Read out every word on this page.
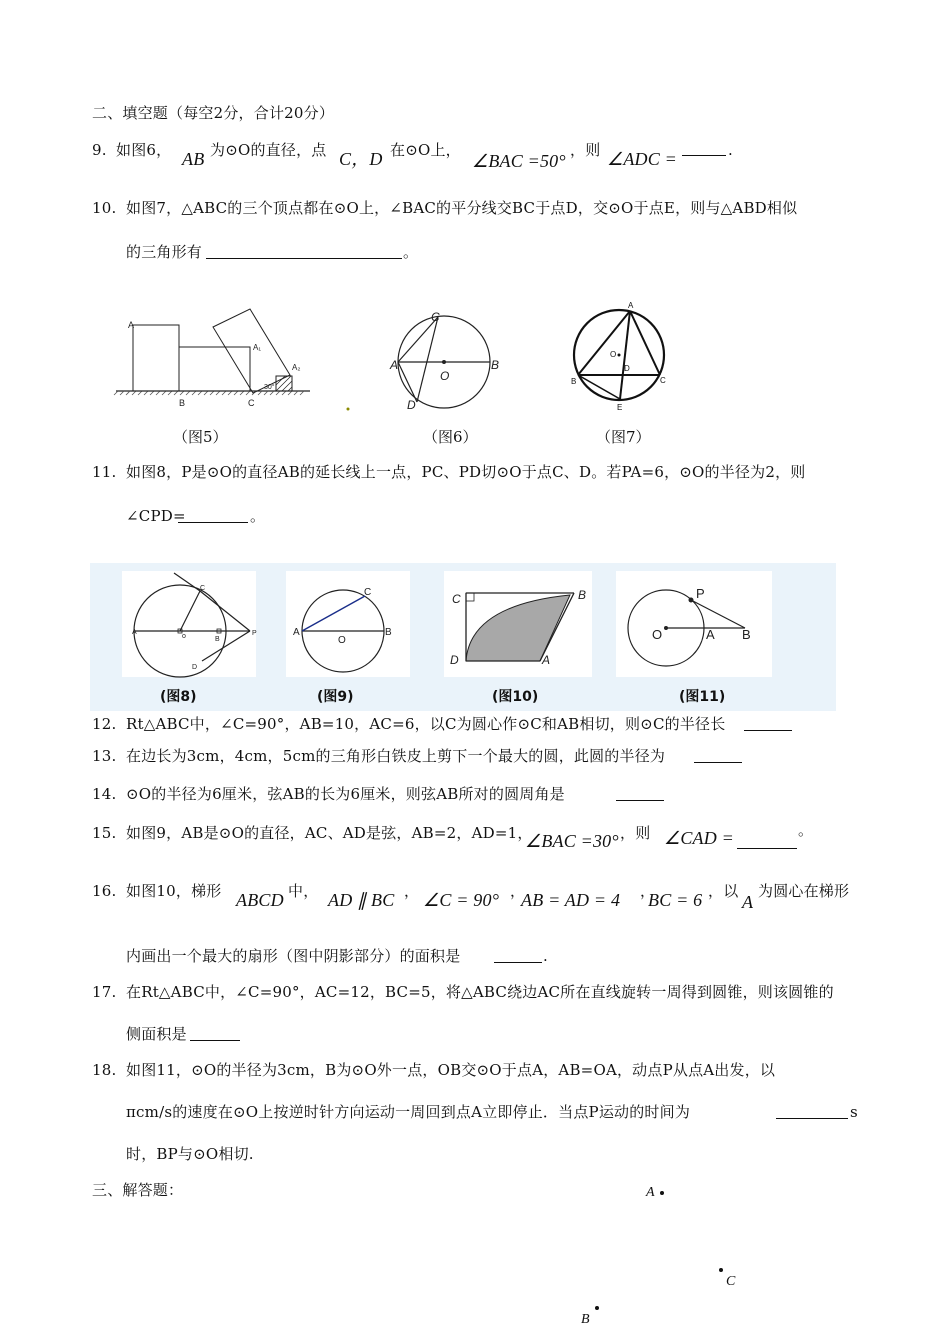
二、填空题（每空2分，合计20分）
9. 如图6， AB 为⊙O的直径，点 C，D 在⊙O上，
∠BAC =50°
，则 ∠ADC =	.
10. 如图7，△ABC的三个顶点都在⊙O上，∠BAC的平分线交BC于点D，交⊙O于点E，则与△ABD相似
的三角形有	。
A
A₁
A₂
B	C
30°
C
A
O
B
D
A
O
D
B	C
E
（图5）	（图6）	（图7）
11. 如图8，P是⊙O的直径AB的延长线上一点，PC、PD切⊙O于点C、D。若PA=6，⊙O的半径为2，则
∠CPD=	。
A
o	B
P
C
D
C
A
O
B
C	B
D	A
P
O	A B
(图8)	(图9)	(图10)	(图11)
12. Rt△ABC中，∠C=90°，AB=10，AC=6，以C为圆心作⊙C和AB相切，则⊙C的半径长
13. 在边长为3cm，4cm，5cm的三角形白铁皮上剪下一个最大的圆，此圆的半径为
14. ⊙O的半径为6厘米，弦AB的长为6厘米，则弦AB所对的圆周角是
15. 如图9，AB是⊙O的直径，AC、AD是弦，AB=2，AD=1，
∠BAC =30° ，则 ∠CAD =	。
16. 如图10，梯形 ABCD 中， AD ∥ BC ， ∠C = 90° ，
AB = AD = 4 ，
BC = 6 ，以
A
为圆心在梯形
内画出一个最大的扇形（图中阴影部分）的面积是	.
17. 在Rt△ABC中，∠C=90°，AC=12，BC=5，将△ABC绕边AC所在直线旋转一周得到圆锥，则该圆锥的
侧面积是
18. 如图11，⊙O的半径为3cm，B为⊙O外一点，OB交⊙O于点A，AB=OA，动点P从点A出发，以
πcm/s的速度在⊙O上按逆时针方向运动一周回到点A立即停止．当点P运动的时间为	s
时，BP与⊙O相切.
三、解答题：	A
C
B
